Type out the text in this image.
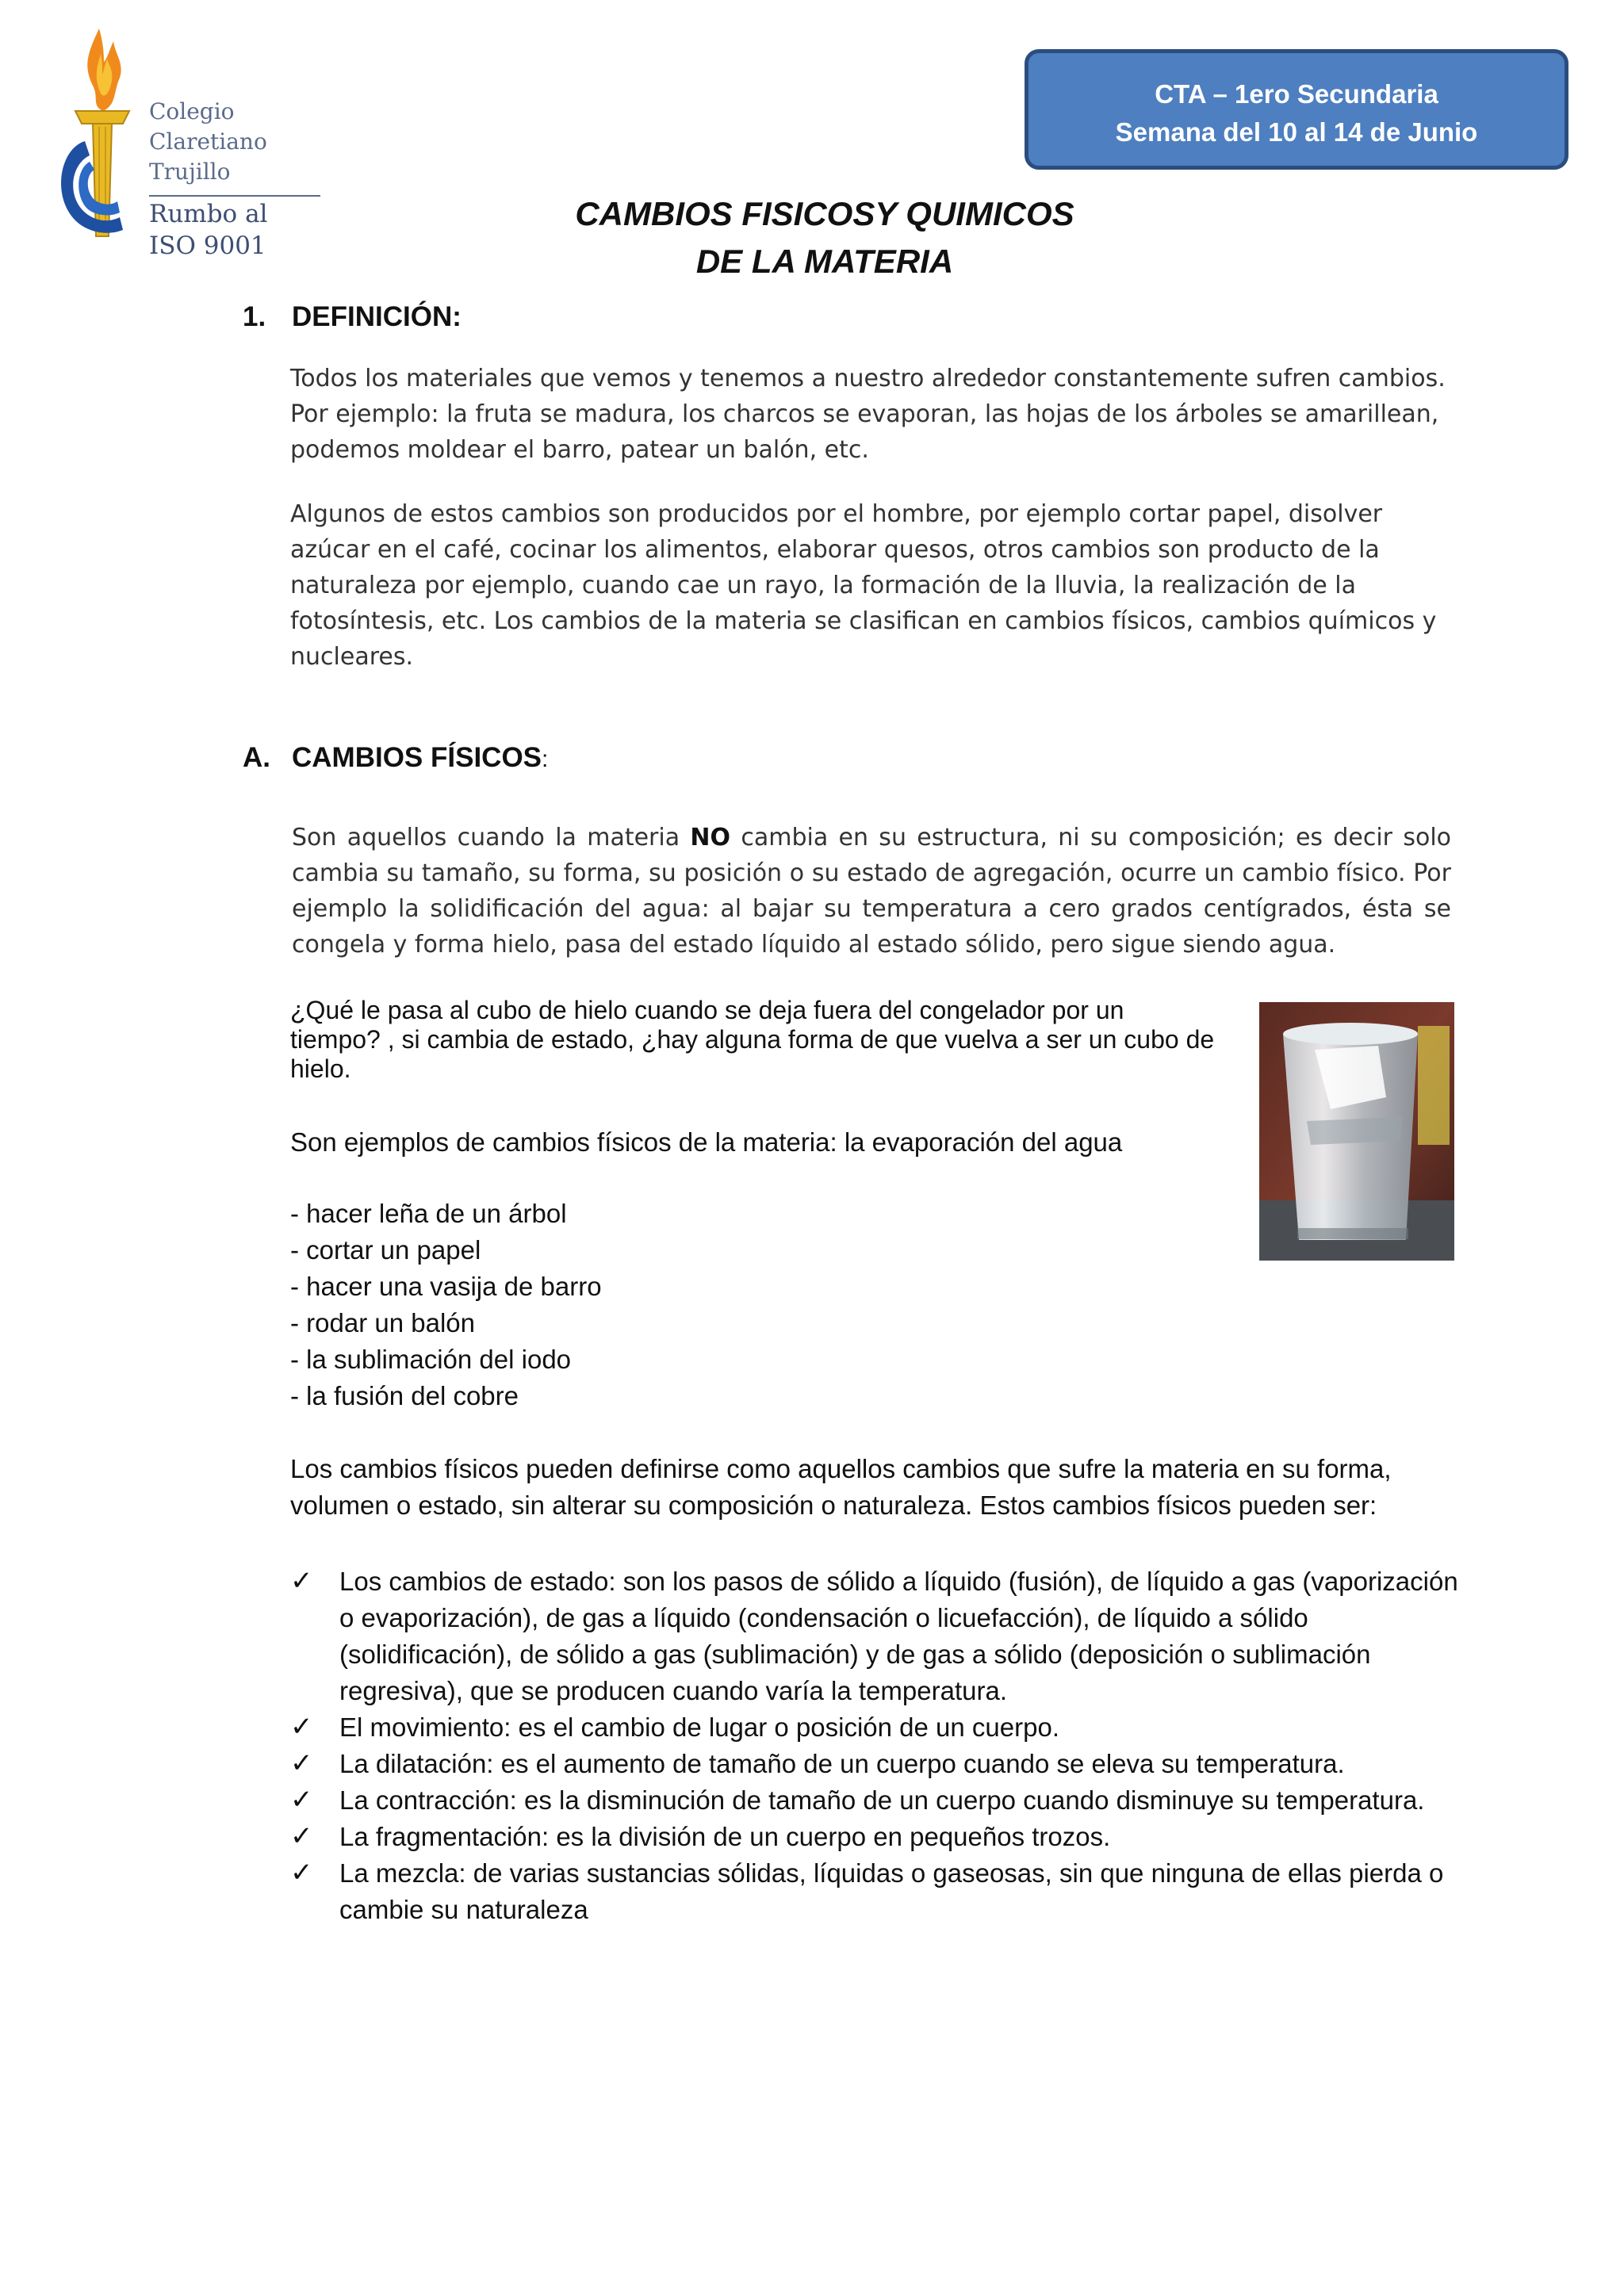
Colegio
Claretiano
Trujillo
Rumbo al
ISO 9001
CTA – 1ero Secundaria
Semana del 10 al 14 de Junio
CAMBIOS FISICOSY QUIMICOS
DE LA MATERIA
1. DEFINICIÓN:
Todos los materiales que vemos y tenemos a nuestro alrededor constantemente sufren cambios. Por ejemplo: la fruta se madura, los charcos se evaporan, las hojas de los árboles se amarillean, podemos moldear el barro, patear un balón, etc.
Algunos de estos cambios son producidos por el hombre, por ejemplo cortar papel, disolver azúcar en el café, cocinar los alimentos, elaborar quesos, otros cambios son producto de la naturaleza por ejemplo, cuando cae un rayo, la formación de la lluvia, la realización de la fotosíntesis, etc. Los cambios de la materia se clasifican en cambios físicos, cambios químicos y nucleares.
A. CAMBIOS FÍSICOS:
Son aquellos cuando la materia NO cambia en su estructura, ni su composición; es decir solo cambia su tamaño, su forma, su posición o su estado de agregación, ocurre un cambio físico. Por ejemplo la solidificación del agua: al bajar su temperatura a cero grados centígrados, ésta se congela y forma hielo, pasa del estado líquido al estado sólido, pero sigue siendo agua.
¿Qué le pasa al cubo de hielo cuando se deja fuera del congelador por un tiempo? , si cambia de estado, ¿hay alguna forma de que vuelva a ser un cubo de hielo.
Son ejemplos de cambios físicos de la materia: la evaporación del agua
- hacer leña de un árbol
- cortar un papel
- hacer una vasija de barro
- rodar un balón
- la sublimación del iodo
- la fusión del cobre
Los cambios físicos pueden definirse como aquellos cambios que sufre la materia en su forma, volumen o estado, sin alterar su composición o naturaleza. Estos cambios físicos pueden ser:
✓ Los cambios de estado: son los pasos de sólido a líquido (fusión), de líquido a gas (vaporización o evaporización), de gas a líquido (condensación o licuefacción), de líquido a sólido (solidificación), de sólido a gas (sublimación) y de gas a sólido (deposición o sublimación regresiva), que se producen cuando varía la temperatura.
✓ El movimiento: es el cambio de lugar o posición de un cuerpo.
✓ La dilatación: es el aumento de tamaño de un cuerpo cuando se eleva su temperatura.
✓ La contracción: es la disminución de tamaño de un cuerpo cuando disminuye su temperatura.
✓ La fragmentación: es la división de un cuerpo en pequeños trozos.
✓ La mezcla: de varias sustancias sólidas, líquidas o gaseosas, sin que ninguna de ellas pierda o cambie su naturaleza
